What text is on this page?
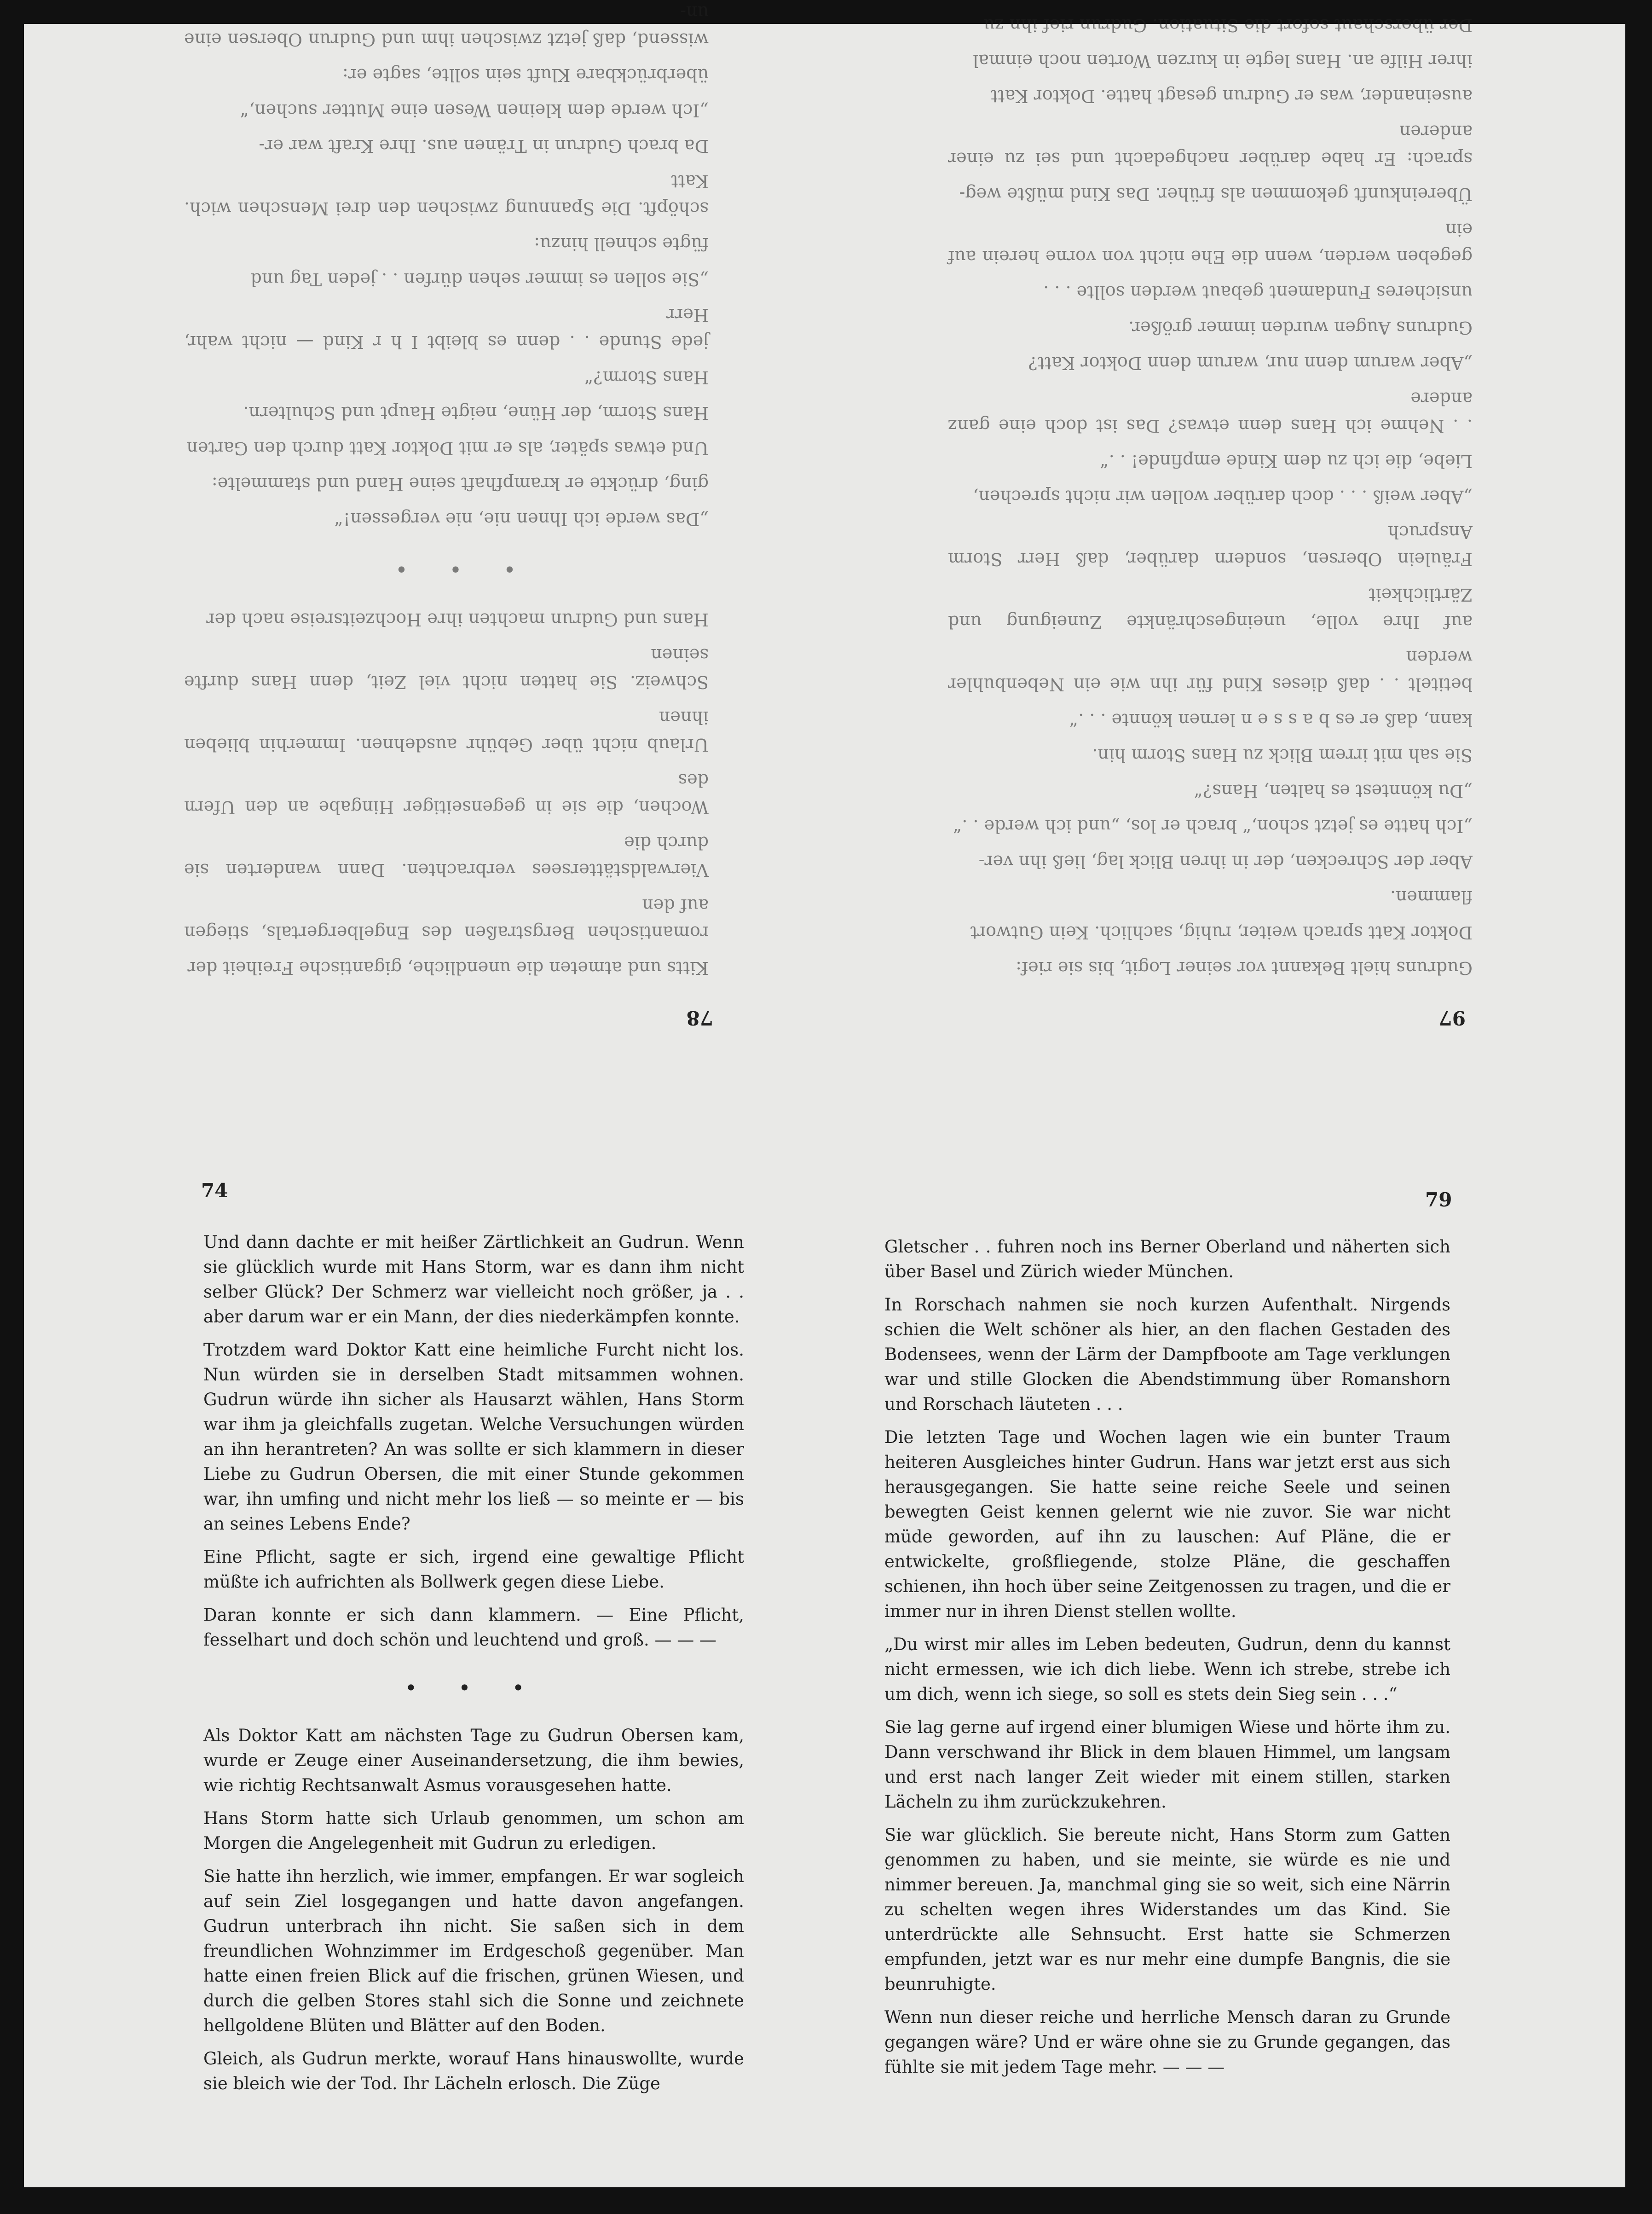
78

Kitts und atmeten die unendliche, gigantische Freiheit der

romantischen Bergstraßen des Engelbergertals, stiegen auf den

Vierwaldstättersees verbrachten. Dann wanderten sie durch die

Wochen, die sie in gegenseitiger Hingabe an den Ufern des

Urlaub nicht über Gebühr ausdehnen. Immerhin blieben ihnen

Schweiz. Sie hatten nicht viel Zeit, denn Hans durfte seinen

Hans und Gudrun machten ihre Hochzeitsreise nach der

• • •

„Das werde ich Ihnen nie, nie vergessen!“

ging, drückte er krampfhaft seine Hand und stammelte:

Und etwas später, als er mit Doktor Katt durch den Garten

Hans Storm, der Hüne, neigte Haupt und Schultern.

Hans Storm?“

jede Stunde . . denn es bleibt I h r Kind — nicht wahr, Herr

„Sie sollen es immer sehen dürfen . . jeden Tag und

fügte schnell hinzu:

schöpft. Die Spannung zwischen den drei Menschen wich. Katt

Da brach Gudrun in Tränen aus. Ihre Kraft war er-

„Ich werde dem kleinen Wesen eine Mutter suchen,“

überbrückbare Kluft sein sollte, sagte er:

wissend, daß jetzt zwischen ihm und Gudrun Obersen eine un-

97

Gudruns hielt Bekannt vor seiner Logit, bis sie rief:

Doktor Katt sprach weiter, ruhig, sachlich. Kein Gutwort

flammen.

Aber der Schrecken, der in ihren Blick lag, ließ ihn ver-

„Ich hatte es jetzt schon,“ brach er los, „und ich werde . .“

„Du könntest es halten, Hans?“

Sie sah mit irrem Blick zu Hans Storm hin.

kann, daß er es b a s s e n lernen könnte . . .“

betitelt . . daß dieses Kind für ihn wie ein Nebenbuhler werden

auf Ihre volle, uneingeschränkte Zuneigung und Zärtlichkeit

Fräulein Obersen, sondern darüber, daß Herr Storm Anspruch

„Aber weiß . . . doch darüber wollen wir nicht sprechen,

Liebe, die ich zu dem Kinde empfinde! . .“

. . Nehme ich Hans denn etwas? Das ist doch eine ganz andere

„Aber warum denn nur, warum denn Doktor Katt?

Gudruns Augen wurden immer größer.

unsicheres Fundament gebaut werden sollte . . .

gegeben werden, wenn die Ehe nicht von vorne herein auf ein

Übereinkunft gekommen als früher. Das Kind müßte weg-

sprach: Er habe darüber nachgedacht und sei zu einer anderen

auseinander, was er Gudrun gesagt hatte. Doktor Katt

ihrer Hilfe an. Hans legte in kurzen Worten noch einmal

Der überschaut sofort die Situation. Gudrun rief ihn zu

74

Und dann dachte er mit heißer Zärtlichkeit an Gudrun. Wenn sie glücklich wurde mit Hans Storm, war es dann ihm nicht selber Glück? Der Schmerz war vielleicht noch größer, ja . . aber darum war er ein Mann, der dies niederkämpfen konnte.

Trotzdem ward Doktor Katt eine heimliche Furcht nicht los. Nun würden sie in derselben Stadt mitsammen wohnen. Gudrun würde ihn sicher als Hausarzt wählen, Hans Storm war ihm ja gleichfalls zugetan. Welche Versuchungen würden an ihn herantreten? An was sollte er sich klammern in dieser Liebe zu Gudrun Obersen, die mit einer Stunde gekommen war, ihn umfing und nicht mehr los ließ — so meinte er — bis an seines Lebens Ende?

Eine Pflicht, sagte er sich, irgend eine gewaltige Pflicht müßte ich aufrichten als Bollwerk gegen diese Liebe.

Daran konnte er sich dann klammern. — Eine Pflicht, fesselhart und doch schön und leuchtend und groß. — — —

• • •

Als Doktor Katt am nächsten Tage zu Gudrun Obersen kam, wurde er Zeuge einer Auseinandersetzung, die ihm bewies, wie richtig Rechtsanwalt Asmus vorausgesehen hatte.

Hans Storm hatte sich Urlaub genommen, um schon am Morgen die Angelegenheit mit Gudrun zu erledigen.

Sie hatte ihn herzlich, wie immer, empfangen. Er war sogleich auf sein Ziel losgegangen und hatte davon angefangen. Gudrun unterbrach ihn nicht. Sie saßen sich in dem freundlichen Wohnzimmer im Erdgeschoß gegenüber. Man hatte einen freien Blick auf die frischen, grünen Wiesen, und durch die gelben Stores stahl sich die Sonne und zeichnete hellgoldene Blüten und Blätter auf den Boden.

Gleich, als Gudrun merkte, worauf Hans hinauswollte, wurde sie bleich wie der Tod. Ihr Lächeln erlosch. Die Züge

79

Gletscher . . fuhren noch ins Berner Oberland und näherten sich über Basel und Zürich wieder München.

In Rorschach nahmen sie noch kurzen Aufenthalt. Nirgends schien die Welt schöner als hier, an den flachen Gestaden des Bodensees, wenn der Lärm der Dampfboote am Tage verklungen war und stille Glocken die Abendstimmung über Romanshorn und Rorschach läuteten . . .

Die letzten Tage und Wochen lagen wie ein bunter Traum heiteren Ausgleiches hinter Gudrun. Hans war jetzt erst aus sich herausgegangen. Sie hatte seine reiche Seele und seinen bewegten Geist kennen gelernt wie nie zuvor. Sie war nicht müde geworden, auf ihn zu lauschen: Auf Pläne, die er entwickelte, großfliegende, stolze Pläne, die geschaffen schienen, ihn hoch über seine Zeitgenossen zu tragen, und die er immer nur in ihren Dienst stellen wollte.

„Du wirst mir alles im Leben bedeuten, Gudrun, denn du kannst nicht ermessen, wie ich dich liebe. Wenn ich strebe, strebe ich um dich, wenn ich siege, so soll es stets dein Sieg sein . . .“

Sie lag gerne auf irgend einer blumigen Wiese und hörte ihm zu. Dann verschwand ihr Blick in dem blauen Himmel, um langsam und erst nach langer Zeit wieder mit einem stillen, starken Lächeln zu ihm zurückzukehren.

Sie war glücklich. Sie bereute nicht, Hans Storm zum Gatten genommen zu haben, und sie meinte, sie würde es nie und nimmer bereuen. Ja, manchmal ging sie so weit, sich eine Närrin zu schelten wegen ihres Widerstandes um das Kind. Sie unterdrückte alle Sehnsucht. Erst hatte sie Schmerzen empfunden, jetzt war es nur mehr eine dumpfe Bangnis, die sie beunruhigte.

Wenn nun dieser reiche und herrliche Mensch daran zu Grunde gegangen wäre? Und er wäre ohne sie zu Grunde gegangen, das fühlte sie mit jedem Tage mehr. — — —
